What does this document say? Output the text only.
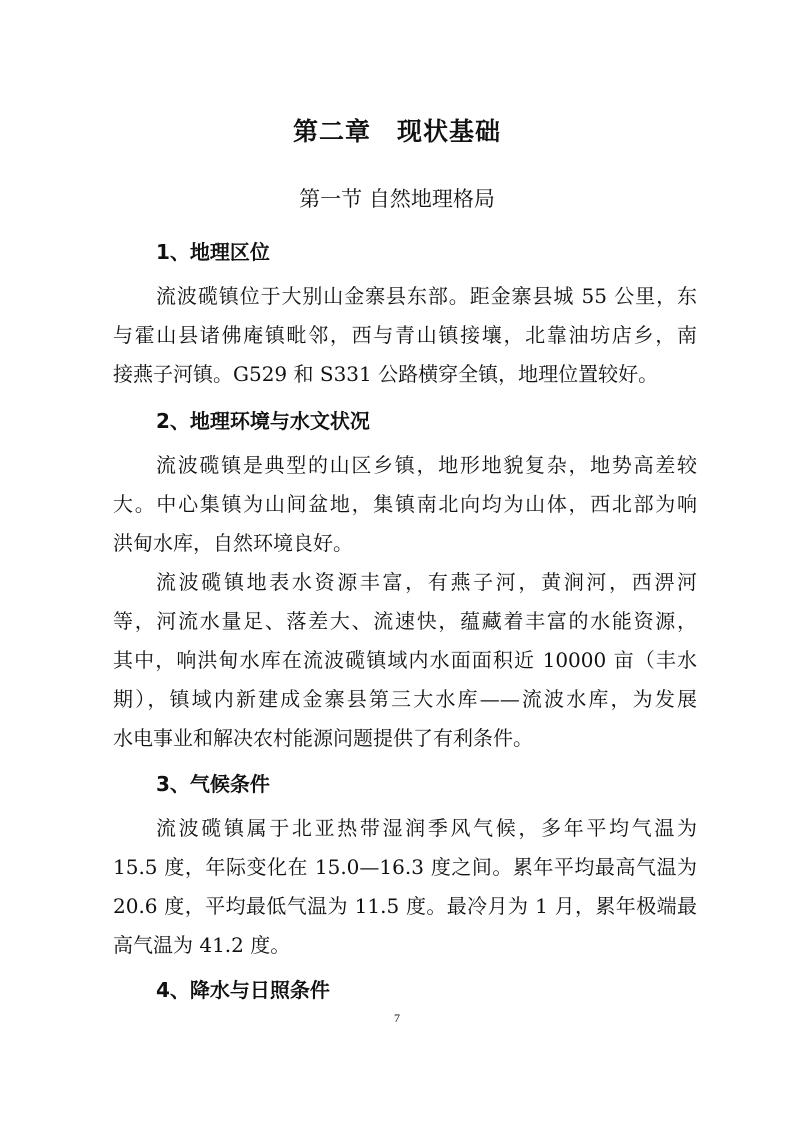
第二章　现状基础
第一节 自然地理格局
1、地理区位
流波𬒗镇位于大别山金寨县东部。距金寨县城 55 公里，东
与霍山县诸佛庵镇毗邻，西与青山镇接壤，北靠油坊店乡，南
接燕子河镇。G529 和 S331 公路横穿全镇，地理位置较好。
2、地理环境与水文状况
流波𬒗镇是典型的山区乡镇，地形地貌复杂，地势高差较
大。中心集镇为山间盆地，集镇南北向均为山体，西北部为响
洪甸水库，自然环境良好。
流波𬒗镇地表水资源丰富，有燕子河，黄涧河，西淠河
等，河流水量足、落差大、流速快，蕴藏着丰富的水能资源，
其中，响洪甸水库在流波𬒗镇域内水面面积近 10000 亩（丰水
期），镇域内新建成金寨县第三大水库——流波水库，为发展
水电事业和解决农村能源问题提供了有利条件。
3、气候条件
流波𬒗镇属于北亚热带湿润季风气候，多年平均气温为
15.5 度，年际变化在 15.0—16.3 度之间。累年平均最高气温为
20.6 度，平均最低气温为 11.5 度。最冷月为 1 月，累年极端最
高气温为 41.2 度。
4、降水与日照条件
7
